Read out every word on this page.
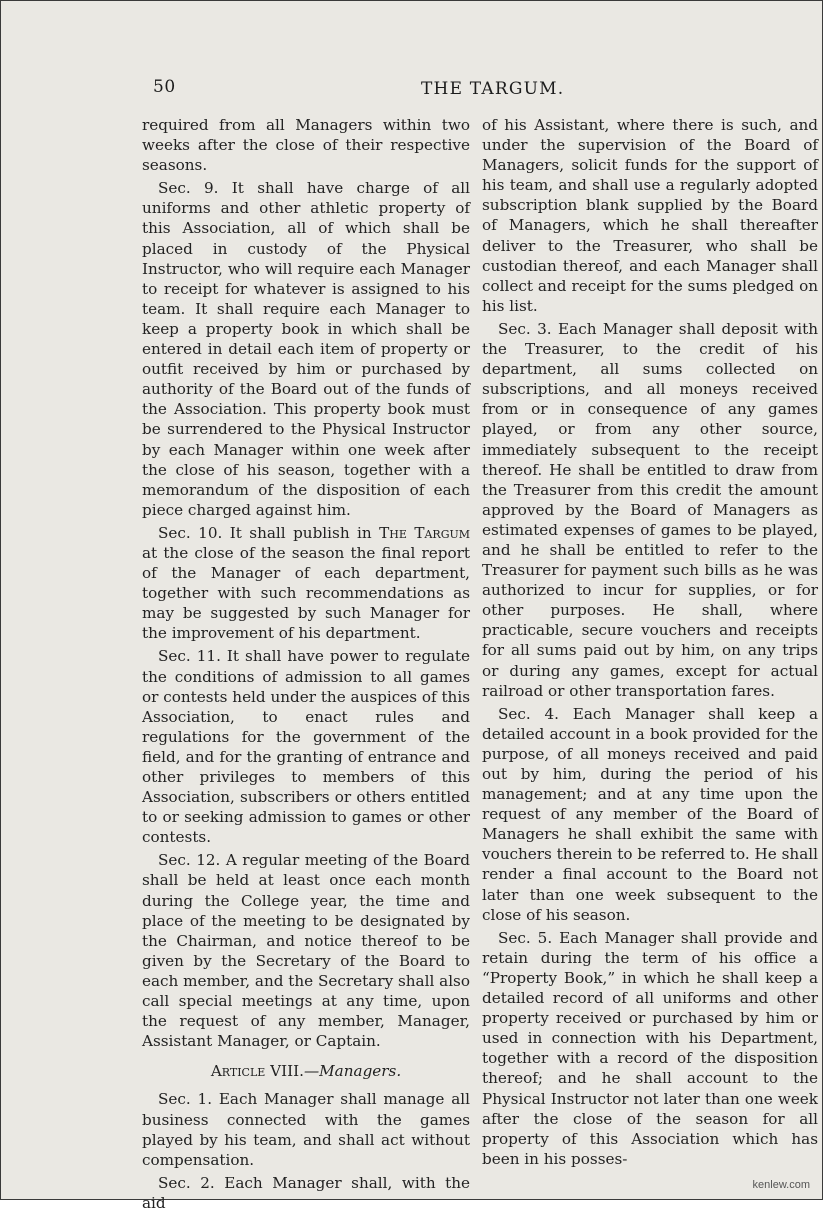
50	THE TARGUM.

required from all Managers within two weeks after the close of their respective seasons.

Sec. 9. It shall have charge of all uniforms and other athletic property of this Association, all of which shall be placed in custody of the Physical Instructor, who will require each Manager to receipt for whatever is assigned to his team. It shall require each Manager to keep a property book in which shall be entered in detail each item of property or outfit received by him or purchased by authority of the Board out of the funds of the Association. This property book must be surrendered to the Physical Instructor by each Manager within one week after the close of his season, together with a memorandum of the disposition of each piece charged against him.

Sec. 10. It shall publish in The Targum at the close of the season the final report of the Manager of each department, together with such recommendations as may be suggested by such Manager for the improvement of his department.

Sec. 11. It shall have power to regulate the conditions of admission to all games or contests held under the auspices of this Association, to enact rules and regulations for the government of the field, and for the granting of entrance and other privileges to members of this Association, subscribers or others entitled to or seeking admission to games or other contests.

Sec. 12. A regular meeting of the Board shall be held at least once each month during the College year, the time and place of the meeting to be designated by the Chairman, and notice thereof to be given by the Secretary of the Board to each member, and the Secretary shall also call special meetings at any time, upon the request of any member, Manager, Assistant Manager, or Captain.

Article VIII.—Managers.

Sec. 1. Each Manager shall manage all business connected with the games played by his team, and shall act without compensation.

Sec. 2. Each Manager shall, with the aid

of his Assistant, where there is such, and under the supervision of the Board of Managers, solicit funds for the support of his team, and shall use a regularly adopted subscription blank supplied by the Board of Managers, which he shall thereafter deliver to the Treasurer, who shall be custodian thereof, and each Manager shall collect and receipt for the sums pledged on his list.

Sec. 3. Each Manager shall deposit with the Treasurer, to the credit of his department, all sums collected on subscriptions, and all moneys received from or in consequence of any games played, or from any other source, immediately subsequent to the receipt thereof. He shall be entitled to draw from the Treasurer from this credit the amount approved by the Board of Managers as estimated expenses of games to be played, and he shall be entitled to refer to the Treasurer for payment such bills as he was authorized to incur for supplies, or for other purposes. He shall, where practicable, secure vouchers and receipts for all sums paid out by him, on any trips or during any games, except for actual railroad or other transportation fares.

Sec. 4. Each Manager shall keep a detailed account in a book provided for the purpose, of all moneys received and paid out by him, during the period of his management; and at any time upon the request of any member of the Board of Managers he shall exhibit the same with vouchers therein to be referred to. He shall render a final account to the Board not later than one week subsequent to the close of his season.

Sec. 5. Each Manager shall provide and retain during the term of his office a “Property Book,” in which he shall keep a detailed record of all uniforms and other property received or purchased by him or used in connection with his Department, together with a record of the disposition thereof; and he shall account to the Physical Instructor not later than one week after the close of the season for all property of this Association which has been in his posses-

kenlew.com
